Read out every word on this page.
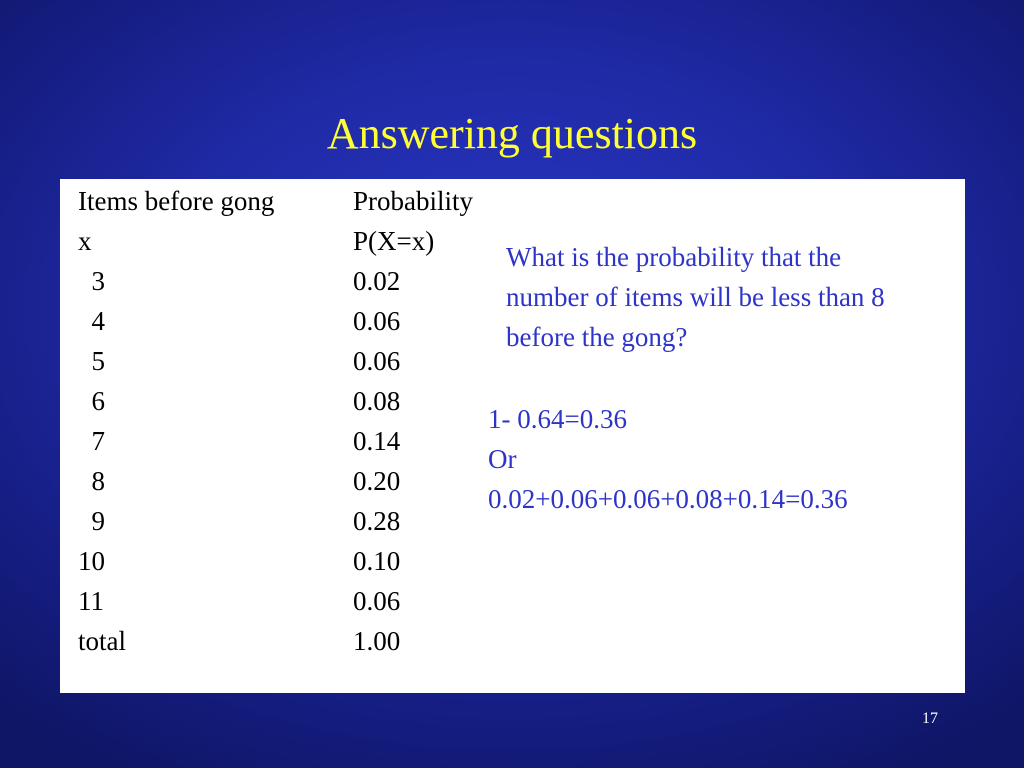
Answering questions
Items before gong	Probability
x	P(X=x)
3	0.02
4	0.06
5	0.06
6	0.08
7	0.14
8	0.20
9	0.28
10	0.10
11	0.06
total	1.00

What is the probability that the number of items will be less than 8 before the gong?

1- 0.64=0.36
Or
0.02+0.06+0.06+0.08+0.14=0.36
17
